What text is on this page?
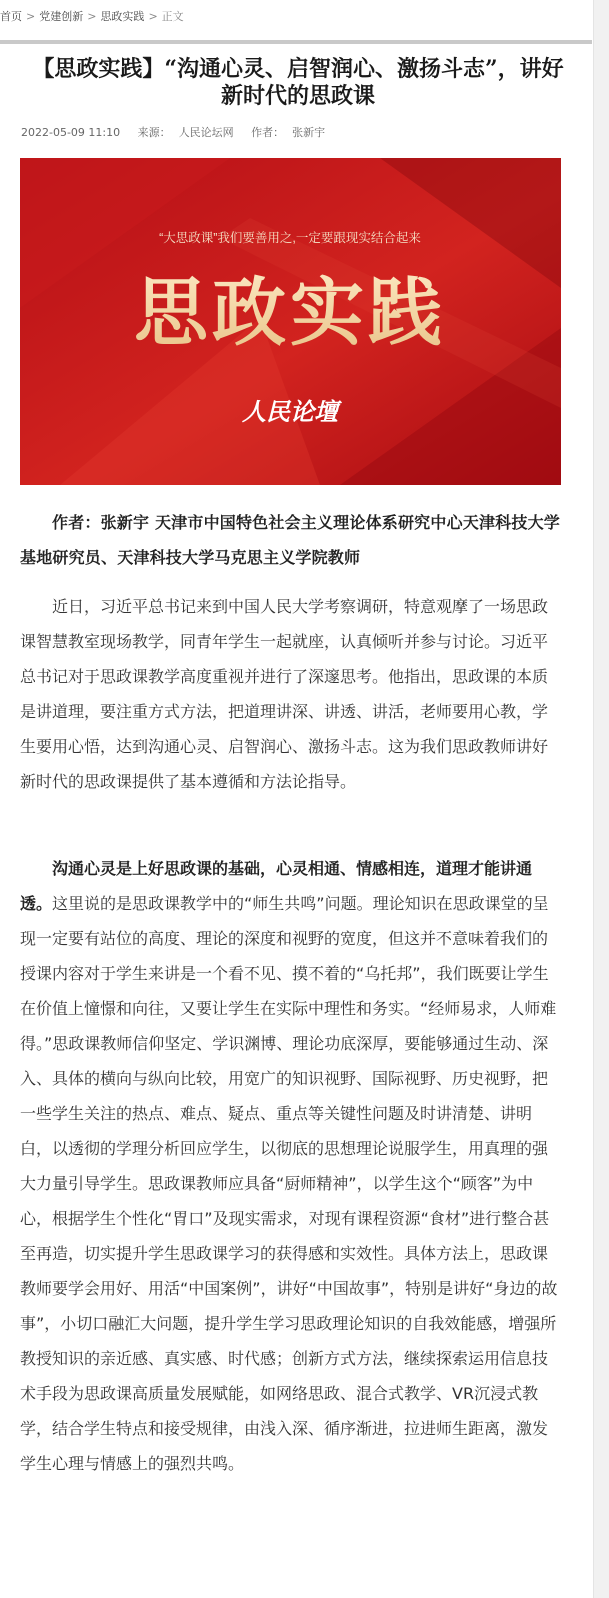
首页 > 党建创新 > 思政实践 > 正文
【思政实践】“沟通心灵、启智润心、激扬斗志”，讲好新时代的思政课
2022-05-09 11:10 来源： 人民论坛网 作者： 张新宇
“大思政课”我们要善用之,一定要跟现实结合起来
思政实践
人民论壇

作者：张新宇 天津市中国特色社会主义理论体系研究中心天津科技大学基地研究员、天津科技大学马克思主义学院教师

近日，习近平总书记来到中国人民大学考察调研，特意观摩了一场思政课智慧教室现场教学，同青年学生一起就座，认真倾听并参与讨论。习近平总书记对于思政课教学高度重视并进行了深邃思考。他指出，思政课的本质是讲道理，要注重方式方法，把道理讲深、讲透、讲活，老师要用心教，学生要用心悟，达到沟通心灵、启智润心、激扬斗志。这为我们思政教师讲好新时代的思政课提供了基本遵循和方法论指导。

沟通心灵是上好思政课的基础，心灵相通、情感相连，道理才能讲通透。这里说的是思政课教学中的“师生共鸣”问题。理论知识在思政课堂的呈现一定要有站位的高度、理论的深度和视野的宽度，但这并不意味着我们的授课内容对于学生来讲是一个看不见、摸不着的“乌托邦”，我们既要让学生在价值上憧憬和向往，又要让学生在实际中理性和务实。“经师易求，人师难得。”思政课教师信仰坚定、学识渊博、理论功底深厚，要能够通过生动、深入、具体的横向与纵向比较，用宽广的知识视野、国际视野、历史视野，把一些学生关注的热点、难点、疑点、重点等关键性问题及时讲清楚、讲明白，以透彻的学理分析回应学生，以彻底的思想理论说服学生，用真理的强大力量引导学生。思政课教师应具备“厨师精神”，以学生这个“顾客”为中心，根据学生个性化“胃口”及现实需求，对现有课程资源“食材”进行整合甚至再造，切实提升学生思政课学习的获得感和实效性。具体方法上，思政课教师要学会用好、用活“中国案例”，讲好“中国故事”，特别是讲好“身边的故事”，小切口融汇大问题，提升学生学习思政理论知识的自我效能感，增强所教授知识的亲近感、真实感、时代感；创新方式方法，继续探索运用信息技术手段为思政课高质量发展赋能，如网络思政、混合式教学、VR沉浸式教学，结合学生特点和接受规律，由浅入深、循序渐进，拉进师生距离，激发学生心理与情感上的强烈共鸣。
